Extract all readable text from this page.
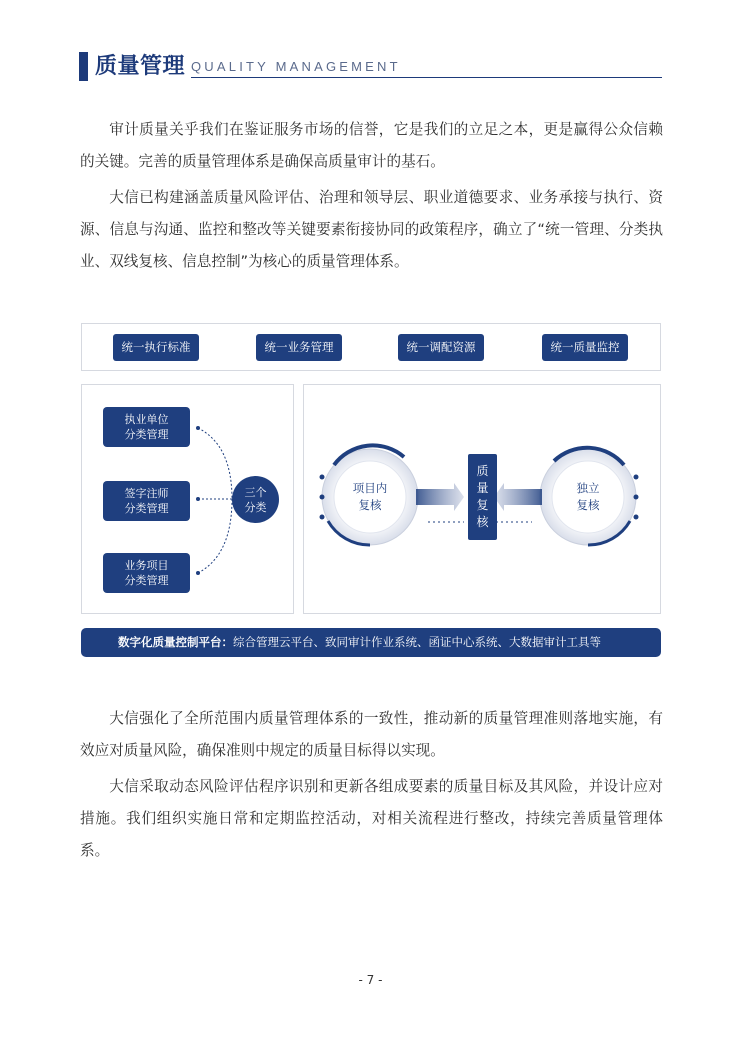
质量管理 QUALITY MANAGEMENT

审计质量关乎我们在鉴证服务市场的信誉，它是我们的立足之本，更是赢得公众信赖的关键。完善的质量管理体系是确保高质量审计的基石。

大信已构建涵盖质量风险评估、治理和领导层、职业道德要求、业务承接与执行、资源、信息与沟通、监控和整改等关键要素衔接协同的政策程序，确立了“统一管理、分类执业、双线复核、信息控制”为核心的质量管理体系。

统一执行标准	统一业务管理	统一调配资源	统一质量监控
执业单位
分类管理
签字注师
分类管理
业务项目
分类管理
三个
分类
项目内
复核
独立
复核
质
量
复
核
数字化质量控制平台：综合管理云平台、致同审计作业系统、函证中心系统、大数据审计工具等

大信强化了全所范围内质量管理体系的一致性，推动新的质量管理准则落地实施，有效应对质量风险，确保准则中规定的质量目标得以实现。

大信采取动态风险评估程序识别和更新各组成要素的质量目标及其风险，并设计应对措施。我们组织实施日常和定期监控活动，对相关流程进行整改，持续完善质量管理体系。

- 7 -
